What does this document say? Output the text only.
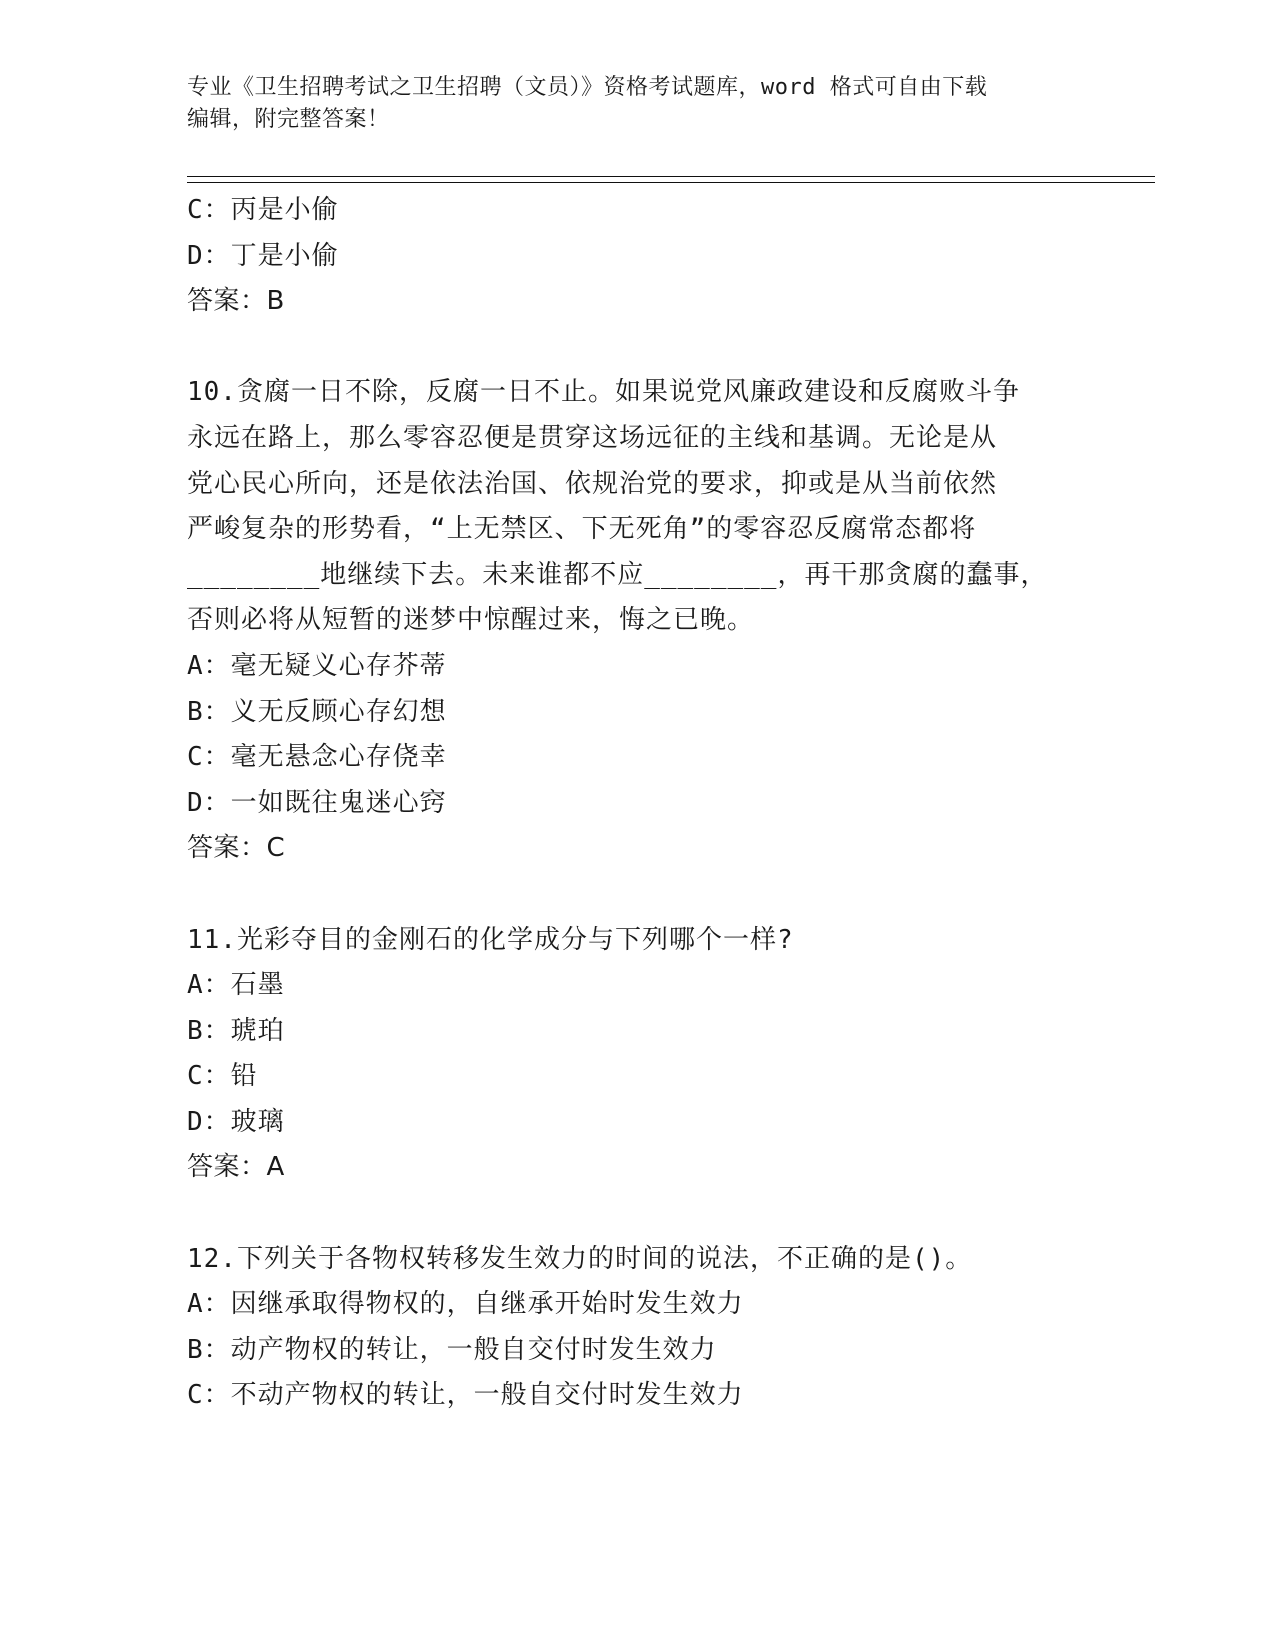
专业《卫生招聘考试之卫生招聘（文员）》资格考试题库，word 格式可自由下载
编辑，附完整答案！
C：丙是小偷
D：丁是小偷
答案：B
10.贪腐一日不除，反腐一日不止。如果说党风廉政建设和反腐败斗争
永远在路上，那么零容忍便是贯穿这场远征的主线和基调。无论是从
党心民心所向，还是依法治国、依规治党的要求，抑或是从当前依然
严峻复杂的形势看，“上无禁区、下无死角”的零容忍反腐常态都将
________地继续下去。未来谁都不应________，再干那贪腐的蠢事，
否则必将从短暂的迷梦中惊醒过来，悔之已晚。
A：毫无疑义心存芥蒂
B：义无反顾心存幻想
C：毫无悬念心存侥幸
D：一如既往鬼迷心窍
答案：C
11.光彩夺目的金刚石的化学成分与下列哪个一样?
A：石墨
B：琥珀
C：铅
D：玻璃
答案：A
12.下列关于各物权转移发生效力的时间的说法，不正确的是()。
A：因继承取得物权的，自继承开始时发生效力
B：动产物权的转让，一般自交付时发生效力
C：不动产物权的转让，一般自交付时发生效力
